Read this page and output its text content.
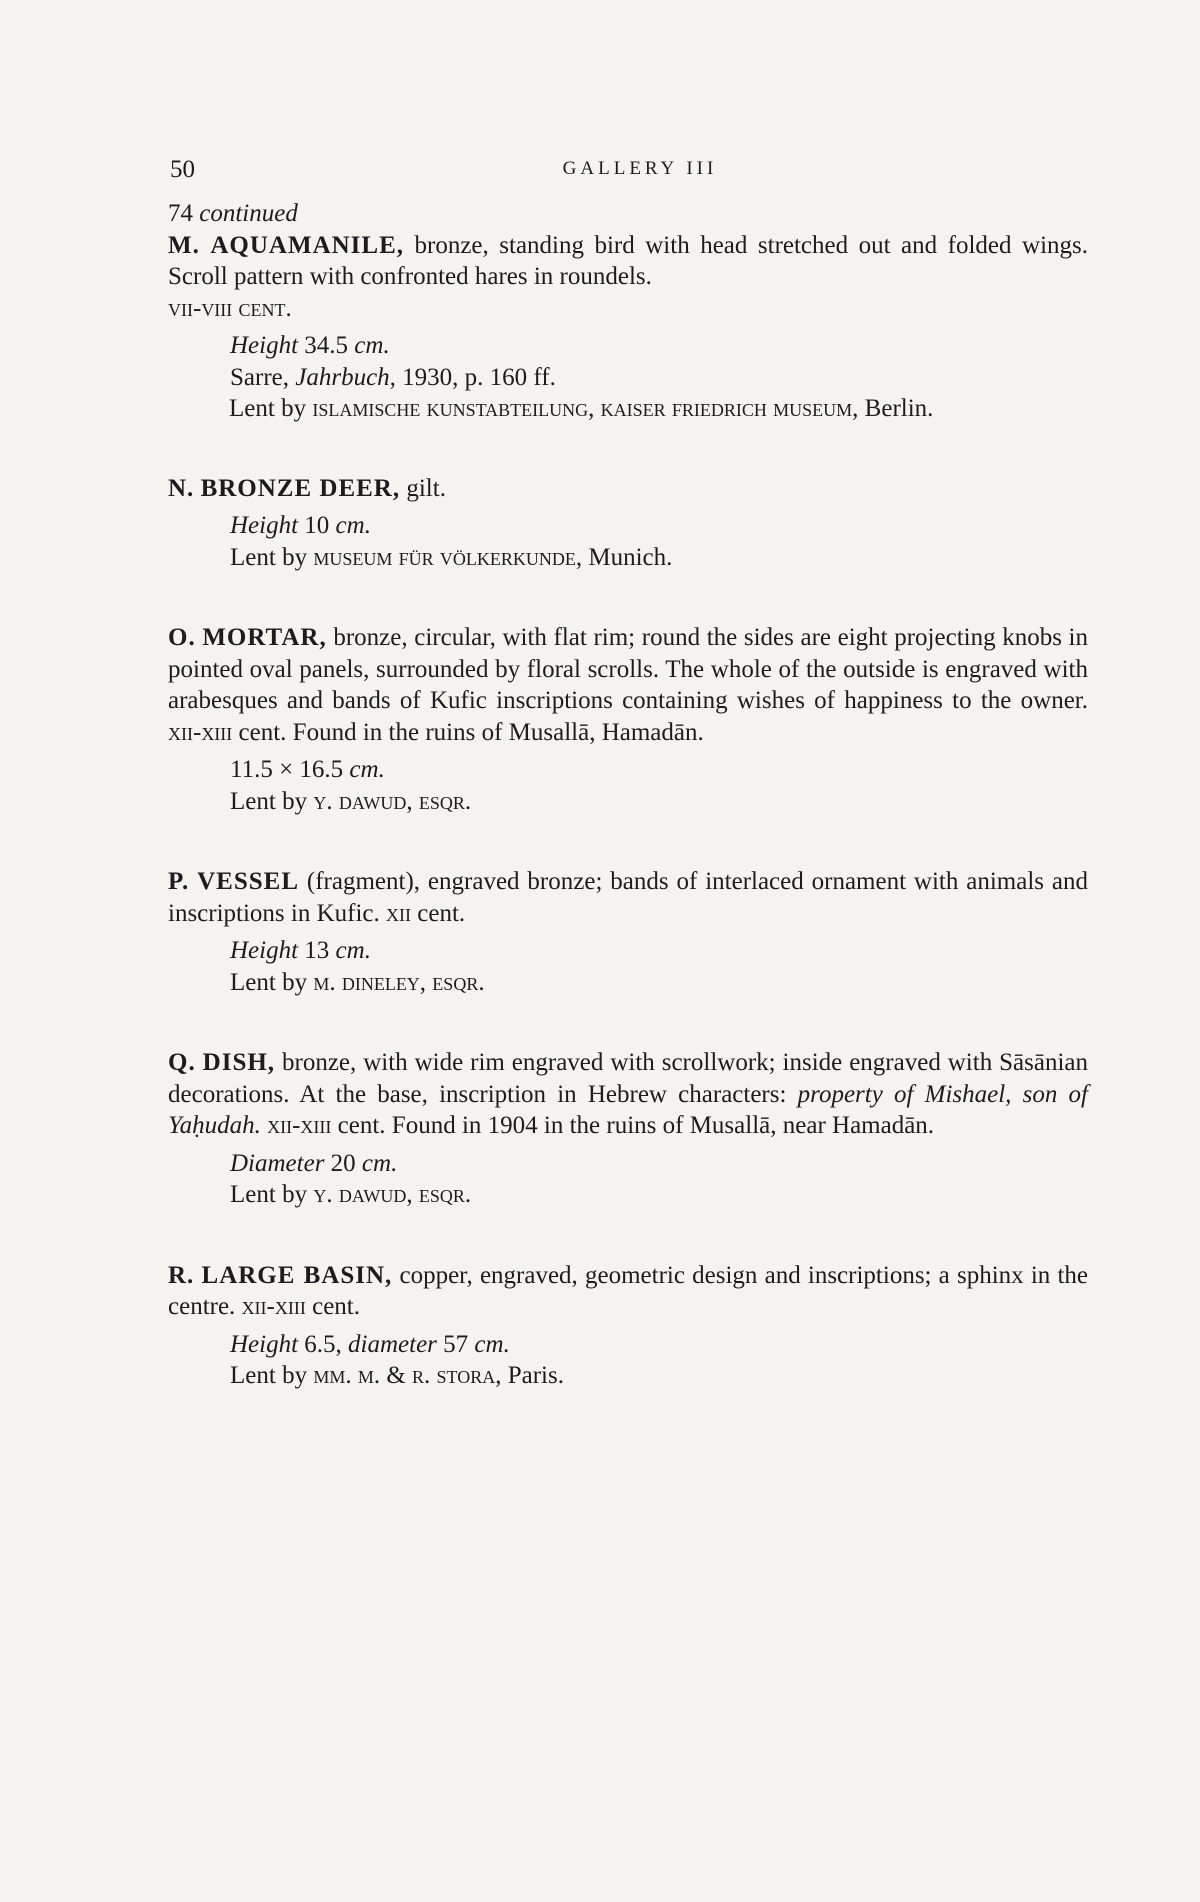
50	GALLERY III

74 continued

M. AQUAMANILE, bronze, standing bird with head stretched out and folded wings. Scroll pattern with confronted hares in roundels.

vii-viii cent.

Height 34.5 cm.

Sarre, Jahrbuch, 1930, p. 160 ff.

Lent by islamische kunstabteilung, kaiser friedrich museum, Berlin.

N. BRONZE DEER, gilt.

Height 10 cm.

Lent by museum für völkerkunde, Munich.

O. MORTAR, bronze, circular, with flat rim; round the sides are eight projecting knobs in pointed oval panels, surrounded by floral scrolls. The whole of the outside is engraved with arabesques and bands of Kufic inscriptions containing wishes of happiness to the owner. xii-xiii cent. Found in the ruins of Musallā, Hamadān.

11.5 × 16.5 cm.

Lent by y. dawud, esqr.

P. VESSEL (fragment), engraved bronze; bands of interlaced ornament with animals and inscriptions in Kufic. xii cent.

Height 13 cm.

Lent by m. dineley, esqr.

Q. DISH, bronze, with wide rim engraved with scrollwork; inside engraved with Sāsānian decorations. At the base, inscription in Hebrew characters: property of Mishael, son of Yaḥudah. xii-xiii cent. Found in 1904 in the ruins of Musallā, near Hamadān.

Diameter 20 cm.

Lent by y. dawud, esqr.

R. LARGE BASIN, copper, engraved, geometric design and inscriptions; a sphinx in the centre. xii-xiii cent.

Height 6.5, diameter 57 cm.

Lent by mm. m. & r. stora, Paris.
